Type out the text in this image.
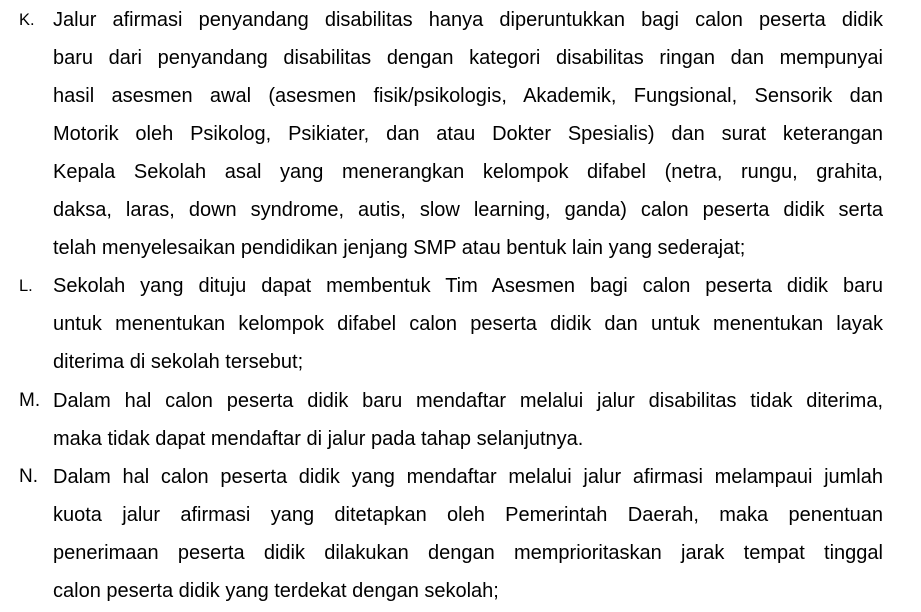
K. Jalur afirmasi penyandang disabilitas hanya diperuntukkan bagi calon peserta didik
baru dari penyandang disabilitas dengan kategori disabilitas ringan dan mempunyai
hasil asesmen awal (asesmen fisik/psikologis, Akademik, Fungsional, Sensorik dan
Motorik oleh Psikolog, Psikiater, dan atau Dokter Spesialis) dan surat keterangan
Kepala Sekolah asal yang menerangkan kelompok difabel (netra, rungu, grahita,
daksa, laras, down syndrome, autis, slow learning, ganda) calon peserta didik serta
telah menyelesaikan pendidikan jenjang SMP atau bentuk lain yang sederajat;
L. Sekolah yang dituju dapat membentuk Tim Asesmen bagi calon peserta didik baru
untuk menentukan kelompok difabel calon peserta didik dan untuk menentukan layak
diterima di sekolah tersebut;
M. Dalam hal calon peserta didik baru mendaftar melalui jalur disabilitas tidak diterima,
maka tidak dapat mendaftar di jalur pada tahap selanjutnya.
N. Dalam hal calon peserta didik yang mendaftar melalui jalur afirmasi melampaui jumlah
kuota jalur afirmasi yang ditetapkan oleh Pemerintah Daerah, maka penentuan
penerimaan peserta didik dilakukan dengan memprioritaskan jarak tempat tinggal
calon peserta didik yang terdekat dengan sekolah;
